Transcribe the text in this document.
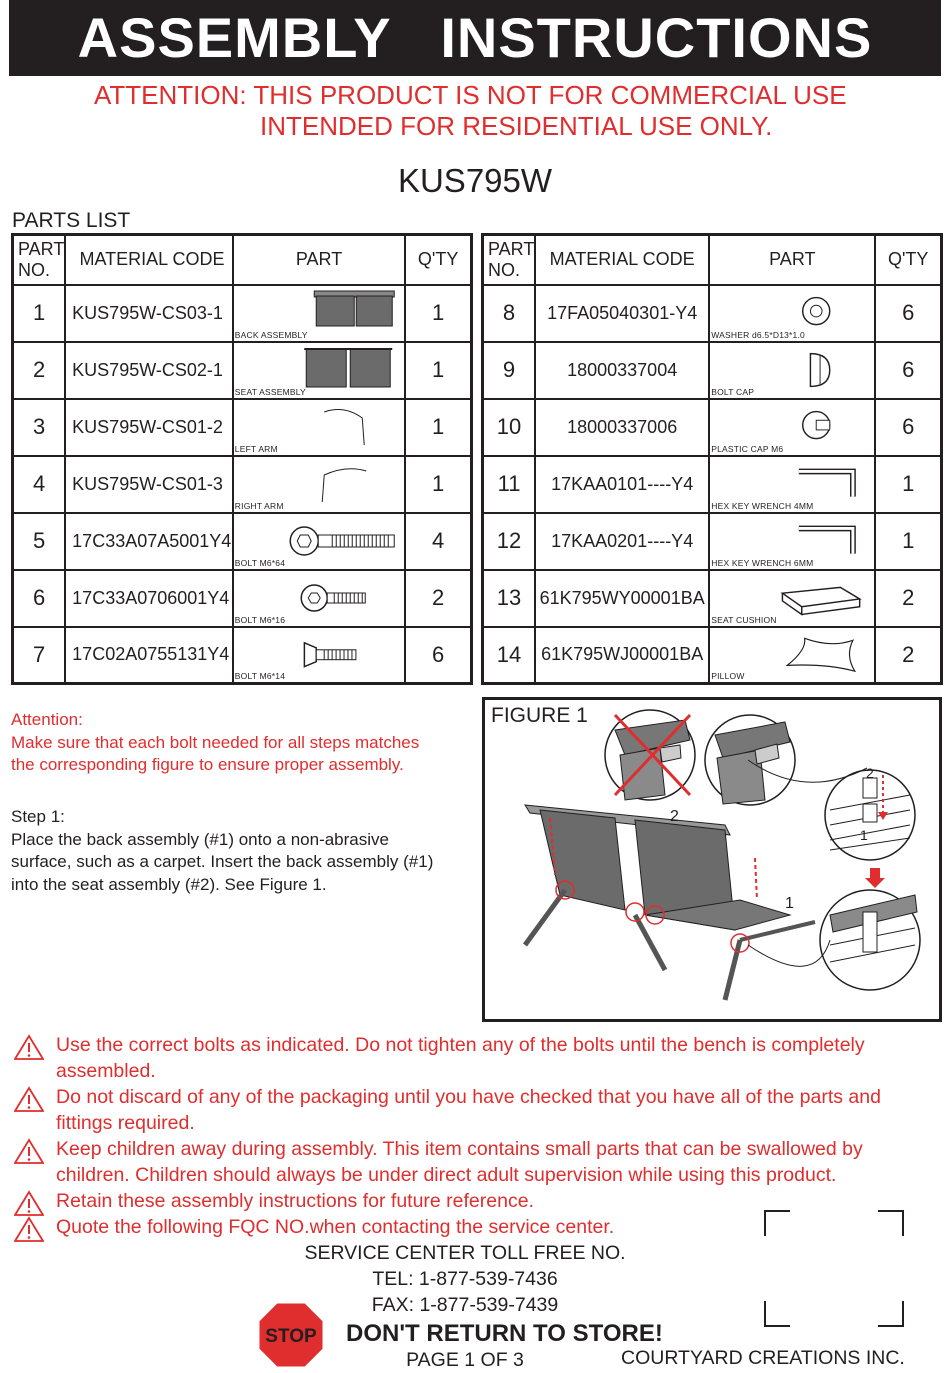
ASSEMBLY   INSTRUCTIONS
ATTENTION: THIS PRODUCT IS NOT FOR COMMERCIAL USE
INTENDED FOR RESIDENTIAL USE ONLY.
KUS795W
PARTS LIST
PART NO.	MATERIAL CODE	PART	Q'TY
1	KUS795W-CS03-1	BACK ASSEMBLY	1
2	KUS795W-CS02-1	SEAT ASSEMBLY	1
3	KUS795W-CS01-2	LEFT ARM	1
4	KUS795W-CS01-3	RIGHT ARM	1
5	17C33A07A5001Y4	BOLT M6*64	4
6	17C33A0706001Y4	BOLT M6*16	2
7	17C02A0755131Y4	BOLT M6*14	6
PART NO.	MATERIAL CODE	PART	Q'TY
8	17FA05040301-Y4	WASHER d6.5*D13*1.0	6
9	18000337004	BOLT CAP	6
10	18000337006	PLASTIC CAP M6	6
11	17KAA0101----Y4	HEX KEY WRENCH 4MM	1
12	17KAA0201----Y4	HEX KEY WRENCH 6MM	1
13	61K795WY00001BA	SEAT CUSHION	2
14	61K795WJ00001BA	PILLOW	2
Attention:
Make sure that each bolt needed for all steps matches
the corresponding figure to ensure proper assembly.
Step 1:
Place the back assembly (#1) onto a non-abrasive
surface, such as a carpet. Insert the back assembly (#1)
into the seat assembly (#2). See Figure 1.
FIGURE 1
2
1
2
1
Use the correct bolts as indicated. Do not tighten any of the bolts until the bench is completely
assembled.
Do not discard of any of the packaging until you have checked that you have all of the parts and
fittings required.
Keep children away during assembly. This item contains small parts that can be swallowed by
children. Children should always be under direct adult supervision while using this product.
Retain these assembly instructions for future reference.
Quote the following FQC NO.when contacting the service center.
SERVICE CENTER TOLL FREE NO.
TEL: 1-877-539-7436
FAX: 1-877-539-7439
STOP DON'T RETURN TO STORE!
PAGE 1 OF 3	COURTYARD CREATIONS INC.
